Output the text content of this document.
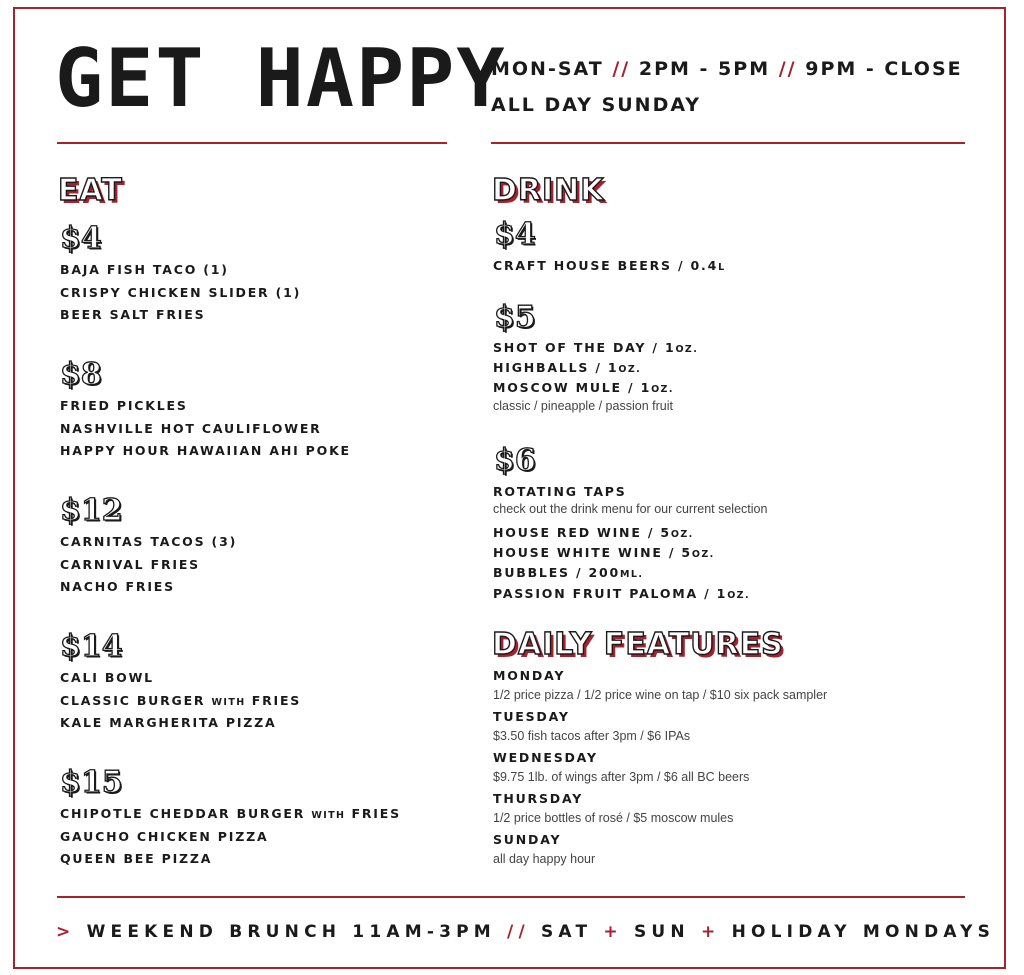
GET HAPPY
MON-SAT // 2PM - 5PM // 9PM - CLOSE
ALL DAY SUNDAY
EAT
$4
BAJA FISH TACO (1)
CRISPY CHICKEN SLIDER (1)
BEER SALT FRIES
$8
FRIED PICKLES
NASHVILLE HOT CAULIFLOWER
HAPPY HOUR HAWAIIAN AHI POKE
$12
CARNITAS TACOS (3)
CARNIVAL FRIES
NACHO FRIES
$14
CALI BOWL
CLASSIC BURGER WITH FRIES
KALE MARGHERITA PIZZA
$15
CHIPOTLE CHEDDAR BURGER WITH FRIES
GAUCHO CHICKEN PIZZA
QUEEN BEE PIZZA
DRINK
$4
CRAFT HOUSE BEERS / 0.4L
$5
SHOT OF THE DAY / 1OZ.
HIGHBALLS / 1OZ.
MOSCOW MULE / 1OZ.
classic / pineapple / passion fruit
$6
ROTATING TAPS
check out the drink menu for our current selection
HOUSE RED WINE / 5OZ.
HOUSE WHITE WINE / 5OZ.
BUBBLES / 200ML.
PASSION FRUIT PALOMA / 1OZ.
DAILY FEATURES
MONDAY
1/2 price pizza / 1/2 price wine on tap / $10 six pack sampler
TUESDAY
$3.50 fish tacos after 3pm / $6 IPAs
WEDNESDAY
$9.75 1lb. of wings after 3pm / $6 all BC beers
THURSDAY
1/2 price bottles of rosé / $5 moscow mules
SUNDAY
all day happy hour
> WEEKEND BRUNCH 11AM-3PM // SAT + SUN + HOLIDAY MONDAYS
